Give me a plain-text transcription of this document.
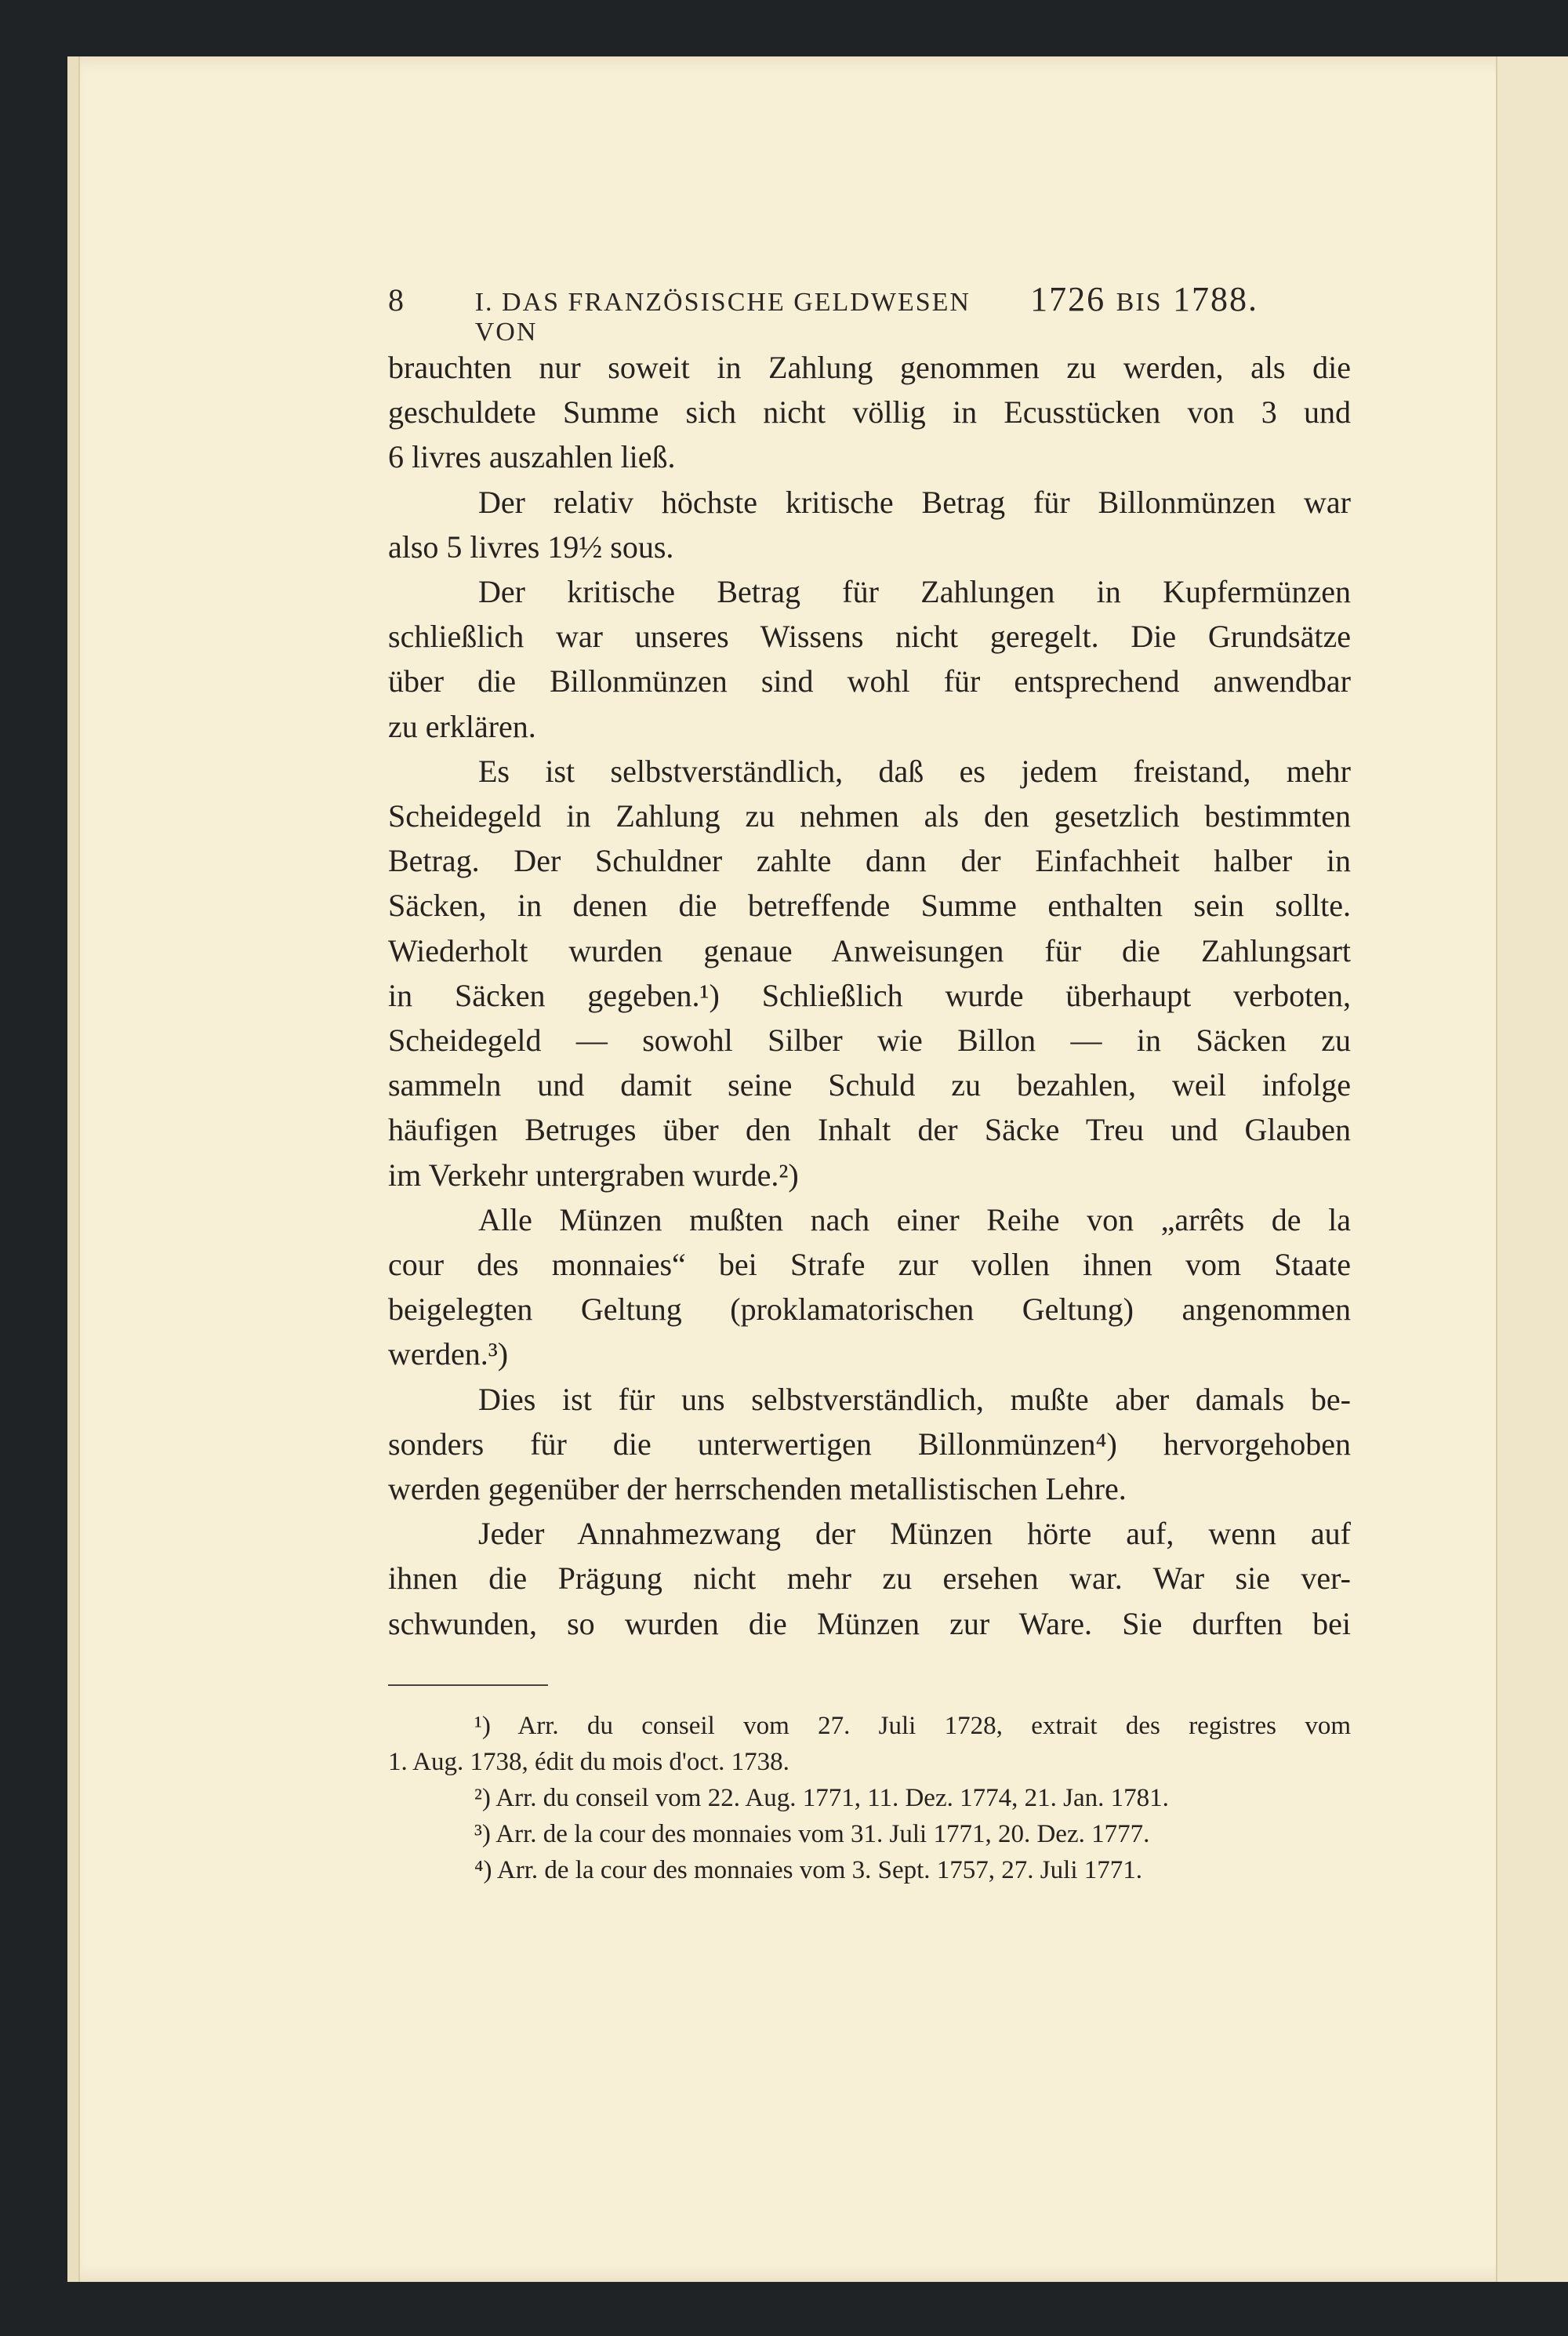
8	I. DAS FRANZÖSISCHE GELDWESEN VON
1726 BIS 1788.
brauchten nur soweit in Zahlung genommen zu werden, als die
geschuldete Summe sich nicht völlig in Ecusstücken von 3 und
6 livres auszahlen ließ.
Der relativ höchste kritische Betrag für Billonmünzen war
also 5 livres 19½ sous.
Der kritische Betrag für Zahlungen in Kupfermünzen
schließlich war unseres Wissens nicht geregelt. Die Grundsätze
über die Billonmünzen sind wohl für entsprechend anwendbar
zu erklären.
Es ist selbstverständlich, daß es jedem freistand, mehr
Scheidegeld in Zahlung zu nehmen als den gesetzlich bestimmten
Betrag. Der Schuldner zahlte dann der Einfachheit halber in
Säcken, in denen die betreffende Summe enthalten sein sollte.
Wiederholt wurden genaue Anweisungen für die Zahlungsart
in Säcken gegeben.¹) Schließlich wurde überhaupt verboten,
Scheidegeld — sowohl Silber wie Billon — in Säcken zu
sammeln und damit seine Schuld zu bezahlen, weil infolge
häufigen Betruges über den Inhalt der Säcke Treu und Glauben
im Verkehr untergraben wurde.²)
Alle Münzen mußten nach einer Reihe von „arrêts de la
cour des monnaies“ bei Strafe zur vollen ihnen vom Staate
beigelegten Geltung (proklamatorischen Geltung) angenommen
werden.³)
Dies ist für uns selbstverständlich, mußte aber damals be-
sonders für die unterwertigen Billonmünzen⁴) hervorgehoben
werden gegenüber der herrschenden metallistischen Lehre.
Jeder Annahmezwang der Münzen hörte auf, wenn auf
ihnen die Prägung nicht mehr zu ersehen war. War sie ver-
schwunden, so wurden die Münzen zur Ware. Sie durften bei
¹) Arr. du conseil vom 27. Juli 1728, extrait des registres vom
1. Aug. 1738, édit du mois d'oct. 1738.
²) Arr. du conseil vom 22. Aug. 1771, 11. Dez. 1774, 21. Jan. 1781.
³) Arr. de la cour des monnaies vom 31. Juli 1771, 20. Dez. 1777.
⁴) Arr. de la cour des monnaies vom 3. Sept. 1757, 27. Juli 1771.
